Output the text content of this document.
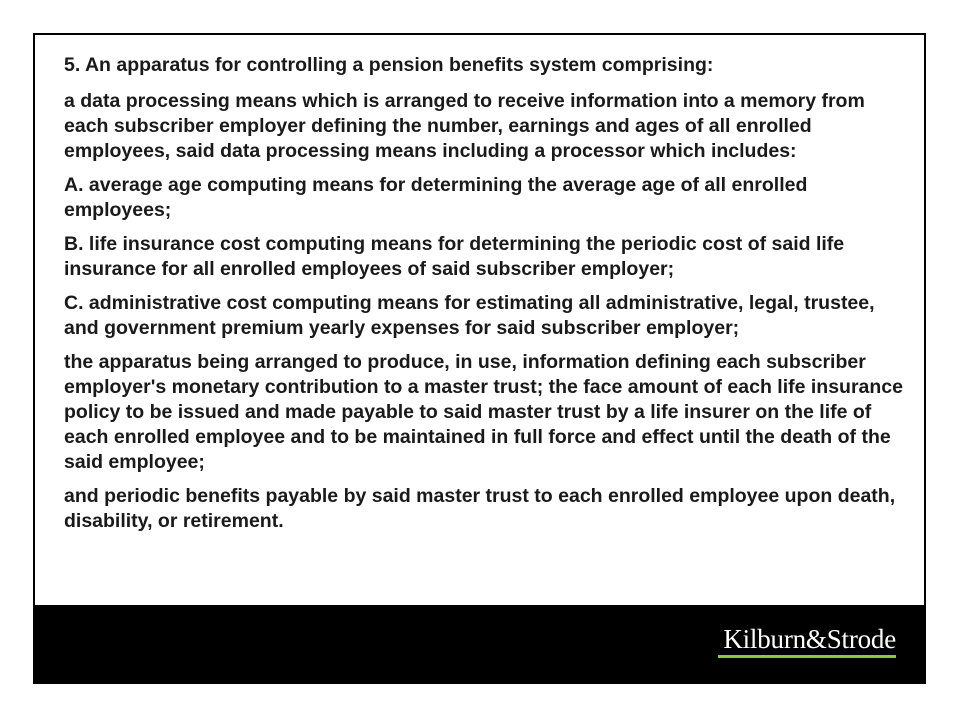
5. An apparatus for controlling a pension benefits system comprising:

a data processing means which is arranged to receive information into a memory from each subscriber employer defining the number, earnings and ages of all enrolled employees, said data processing means including a processor which includes:

A. average age computing means for determining the average age of all enrolled employees;

B. life insurance cost computing means for determining the periodic cost of said life insurance for all enrolled employees of said subscriber employer;

C. administrative cost computing means for estimating all administrative, legal, trustee, and government premium yearly expenses for said subscriber employer;

the apparatus being arranged to produce, in use, information defining each subscriber employer's monetary contribution to a master trust; the face amount of each life insurance policy to be issued and made payable to said master trust by a life insurer on the life of each enrolled employee and to be maintained in full force and effect until the death of the said employee;

and periodic benefits payable by said master trust to each enrolled employee upon death, disability, or retirement.

Kilburn&Strode
